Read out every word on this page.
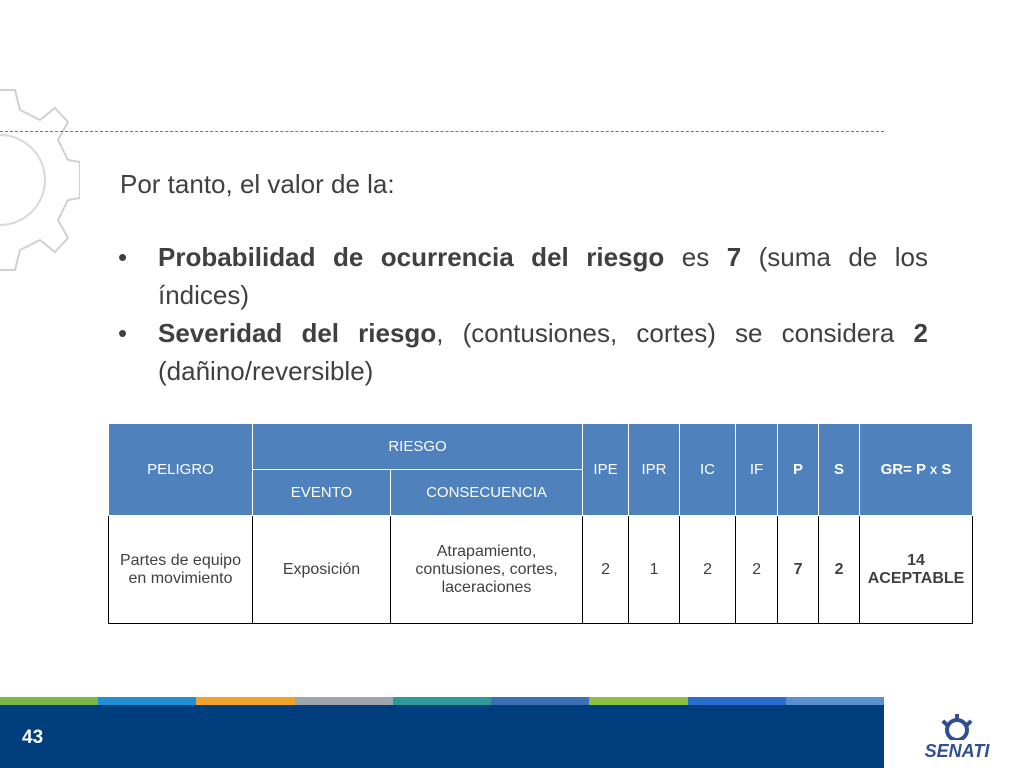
Por tanto, el valor de la:

• Probabilidad de ocurrencia del riesgo es 7 (suma de los índices)
• Severidad del riesgo, (contusiones, cortes) se considera 2 (dañino/reversible)
PELIGRO	RIESGO		IPE	IPR	IC	IF	P	S	GR= P X S
	EVENTO	CONSECUENCIA							
Partes de equipo en movimiento	Exposición	Atrapamiento, contusiones, cortes, laceraciones	2	1	2	2	7	2	14
ACEPTABLE
43
SENATI
